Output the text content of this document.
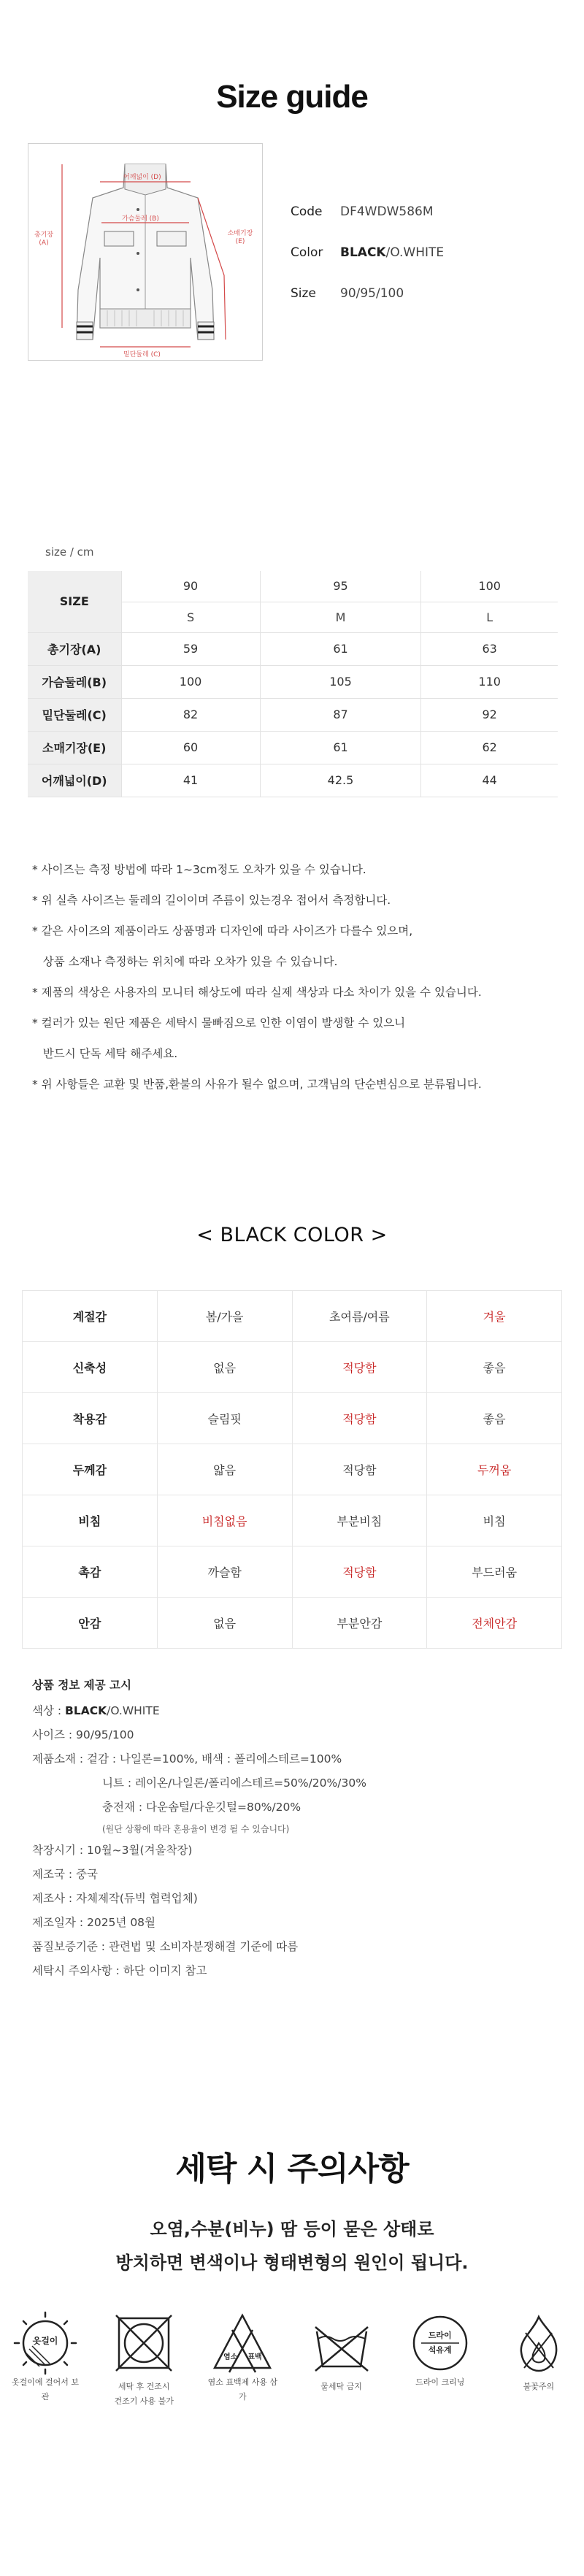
Size guide
어깨넓이 (D)
가슴둘레 (B)
총기장 (A)
소매기장 (E)
밑단둘레 (C)
Code	DF4WDW586M
Color	BLACK/O.WHITE
Size	90/95/100
size / cm
SIZE	90	95	100
	S	M	L
총기장(A)	59	61	63
가슴둘레(B)	100	105	110
밑단둘레(C)	82	87	92
소매기장(E)	60	61	62
어깨넓이(D)	41	42.5	44
* 사이즈는 측정 방법에 따라 1~3cm정도 오차가 있을 수 있습니다.
* 위 실측 사이즈는 둘레의 길이이며 주름이 있는경우 접어서 측정합니다.
* 같은 사이즈의 제품이라도 상품명과 디자인에 따라 사이즈가 다를수 있으며,
상품 소재나 측정하는 위치에 따라 오차가 있을 수 있습니다.
* 제품의 색상은 사용자의 모니터 해상도에 따라 실제 색상과 다소 차이가 있을 수 있습니다.
* 컬러가 있는 원단 제품은 세탁시 물빠짐으로 인한 이염이 발생할 수 있으니
반드시 단독 세탁 해주세요.
* 위 사항들은 교환 및 반품,환불의 사유가 될수 없으며, 고객님의 단순변심으로 분류됩니다.
< BLACK COLOR >
계절감	봄/가을	초여름/여름	겨울
신축성	없음	적당함	좋음
착용감	슬림핏	적당함	좋음
두께감	얇음	적당함	두꺼움
비침	비침없음	부분비침	비침
촉감	까슬함	적당함	부드러움
안감	없음	부분안감	전체안감
상품 정보 제공 고시
색상 : BLACK/O.WHITE
사이즈 : 90/95/100
제품소재 : 겉감 : 나일론=100%, 배색 : 폴리에스테르=100%
니트 : 레이온/나일론/폴리에스테르=50%/20%/30%
충전재 : 다운솜털/다운깃털=80%/20%
(원단 상황에 따라 혼용율이 변경 될 수 있습니다)
착장시기 : 10월~3월(겨울착장)
제조국 : 중국
제조사 : 자체제작(듀빅 협력업체)
제조일자 : 2025년 08월
품질보증기준 : 관련법 및 소비자분쟁해결 기준에 따름
세탁시 주의사항 : 하단 이미지 참고
세탁 시 주의사항
오염,수분(비누) 땀 등이 묻은 상태로
방치하면 변색이나 형태변형의 원인이 됩니다.
옷걸이
옷걸이에 걸어서 보관
세탁 후 건조시
건조기 사용 불가
염소 표백
염소 표백제 사용 삼가
물세탁 금지
드라이
석유계
드라이 크리닝	불꽃주의
